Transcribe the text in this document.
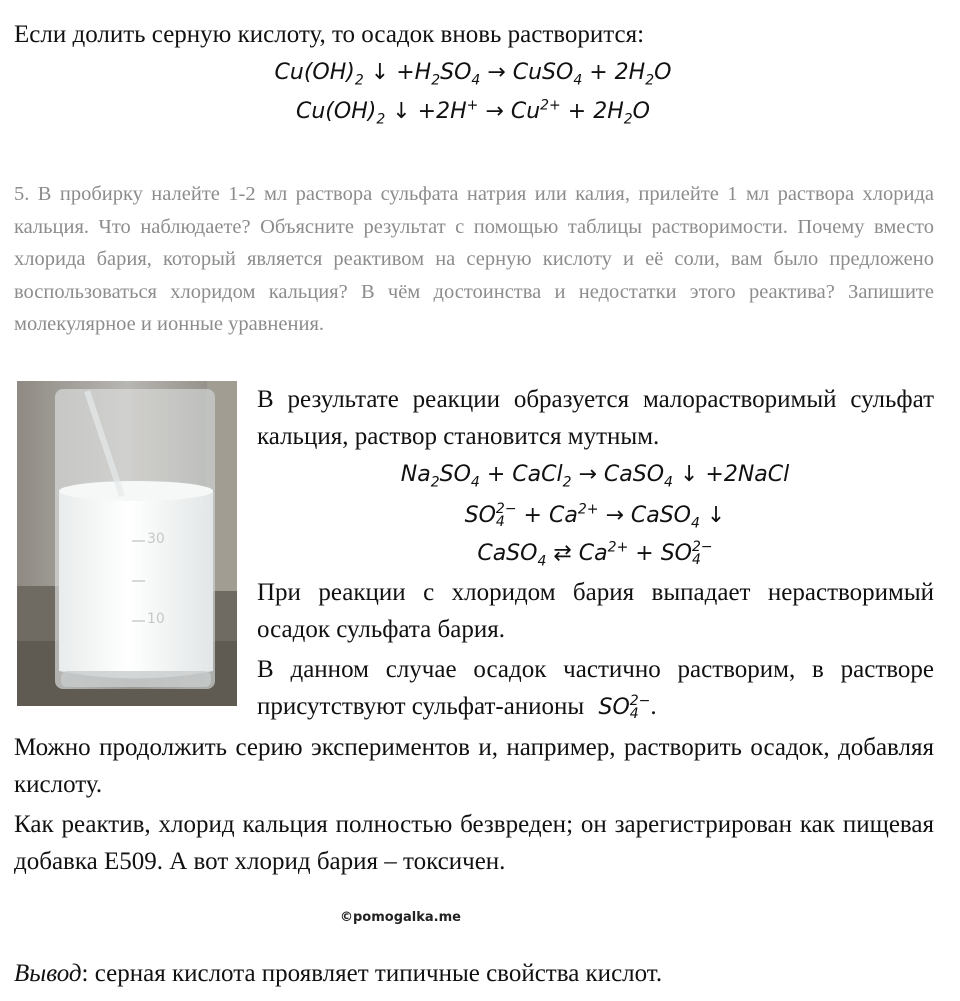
Если долить серную кислоту, то осадок вновь растворится:
$Cu(OH)_2$ ↓ $+H_2SO_4$ → CuSO$_4$ + $2H_2O$
$Cu(OH)_2$ ↓ $+2H^+ \to Cu^{2+} + 2H_2O$
5. В пробирку налейте 1-2 мл раствора сульфата натрия или калия, прилейте 1 мл раствора хлорида кальция. Что наблюдаете? Объясните результат с помощью таблицы растворимости. Почему вместо хлорида бария, который является реактивом на серную кислоту и её соли, вам было предложено воспользоваться хлоридом кальция? В чём достоинства и недостатки этого реактива? Запишите молекулярное и ионные уравнения.
30
10
В результате реакции образуется малорастворимый сульфат кальция, раствор становится мутным.
$Na_2SO_4$ + CaCl$_2$ → CaSO$_4$ ↓ +2NaCl
SO 2−
$4 + Ca^{2+}$ → CaSO$_4$ ↓
CaSO$_4$ ⇄ $Ca^{2+}$ + SO 2−
4
При реакции с хлоридом бария выпадает нерастворимый осадок сульфата бария.
В данном случае осадок частично растворим, в растворе присутствуют сульфат-анионы SO 2−
4 .
Можно продолжить серию экспериментов и, например, растворить осадок, добавляя кислоту.
Как реактив, хлорид кальция полностью безвреден; он зарегистрирован как пищевая добавка Е509. А вот хлорид бария – токсичен.
©pomogalka.me
Вывод: серная кислота проявляет типичные свойства кислот.
